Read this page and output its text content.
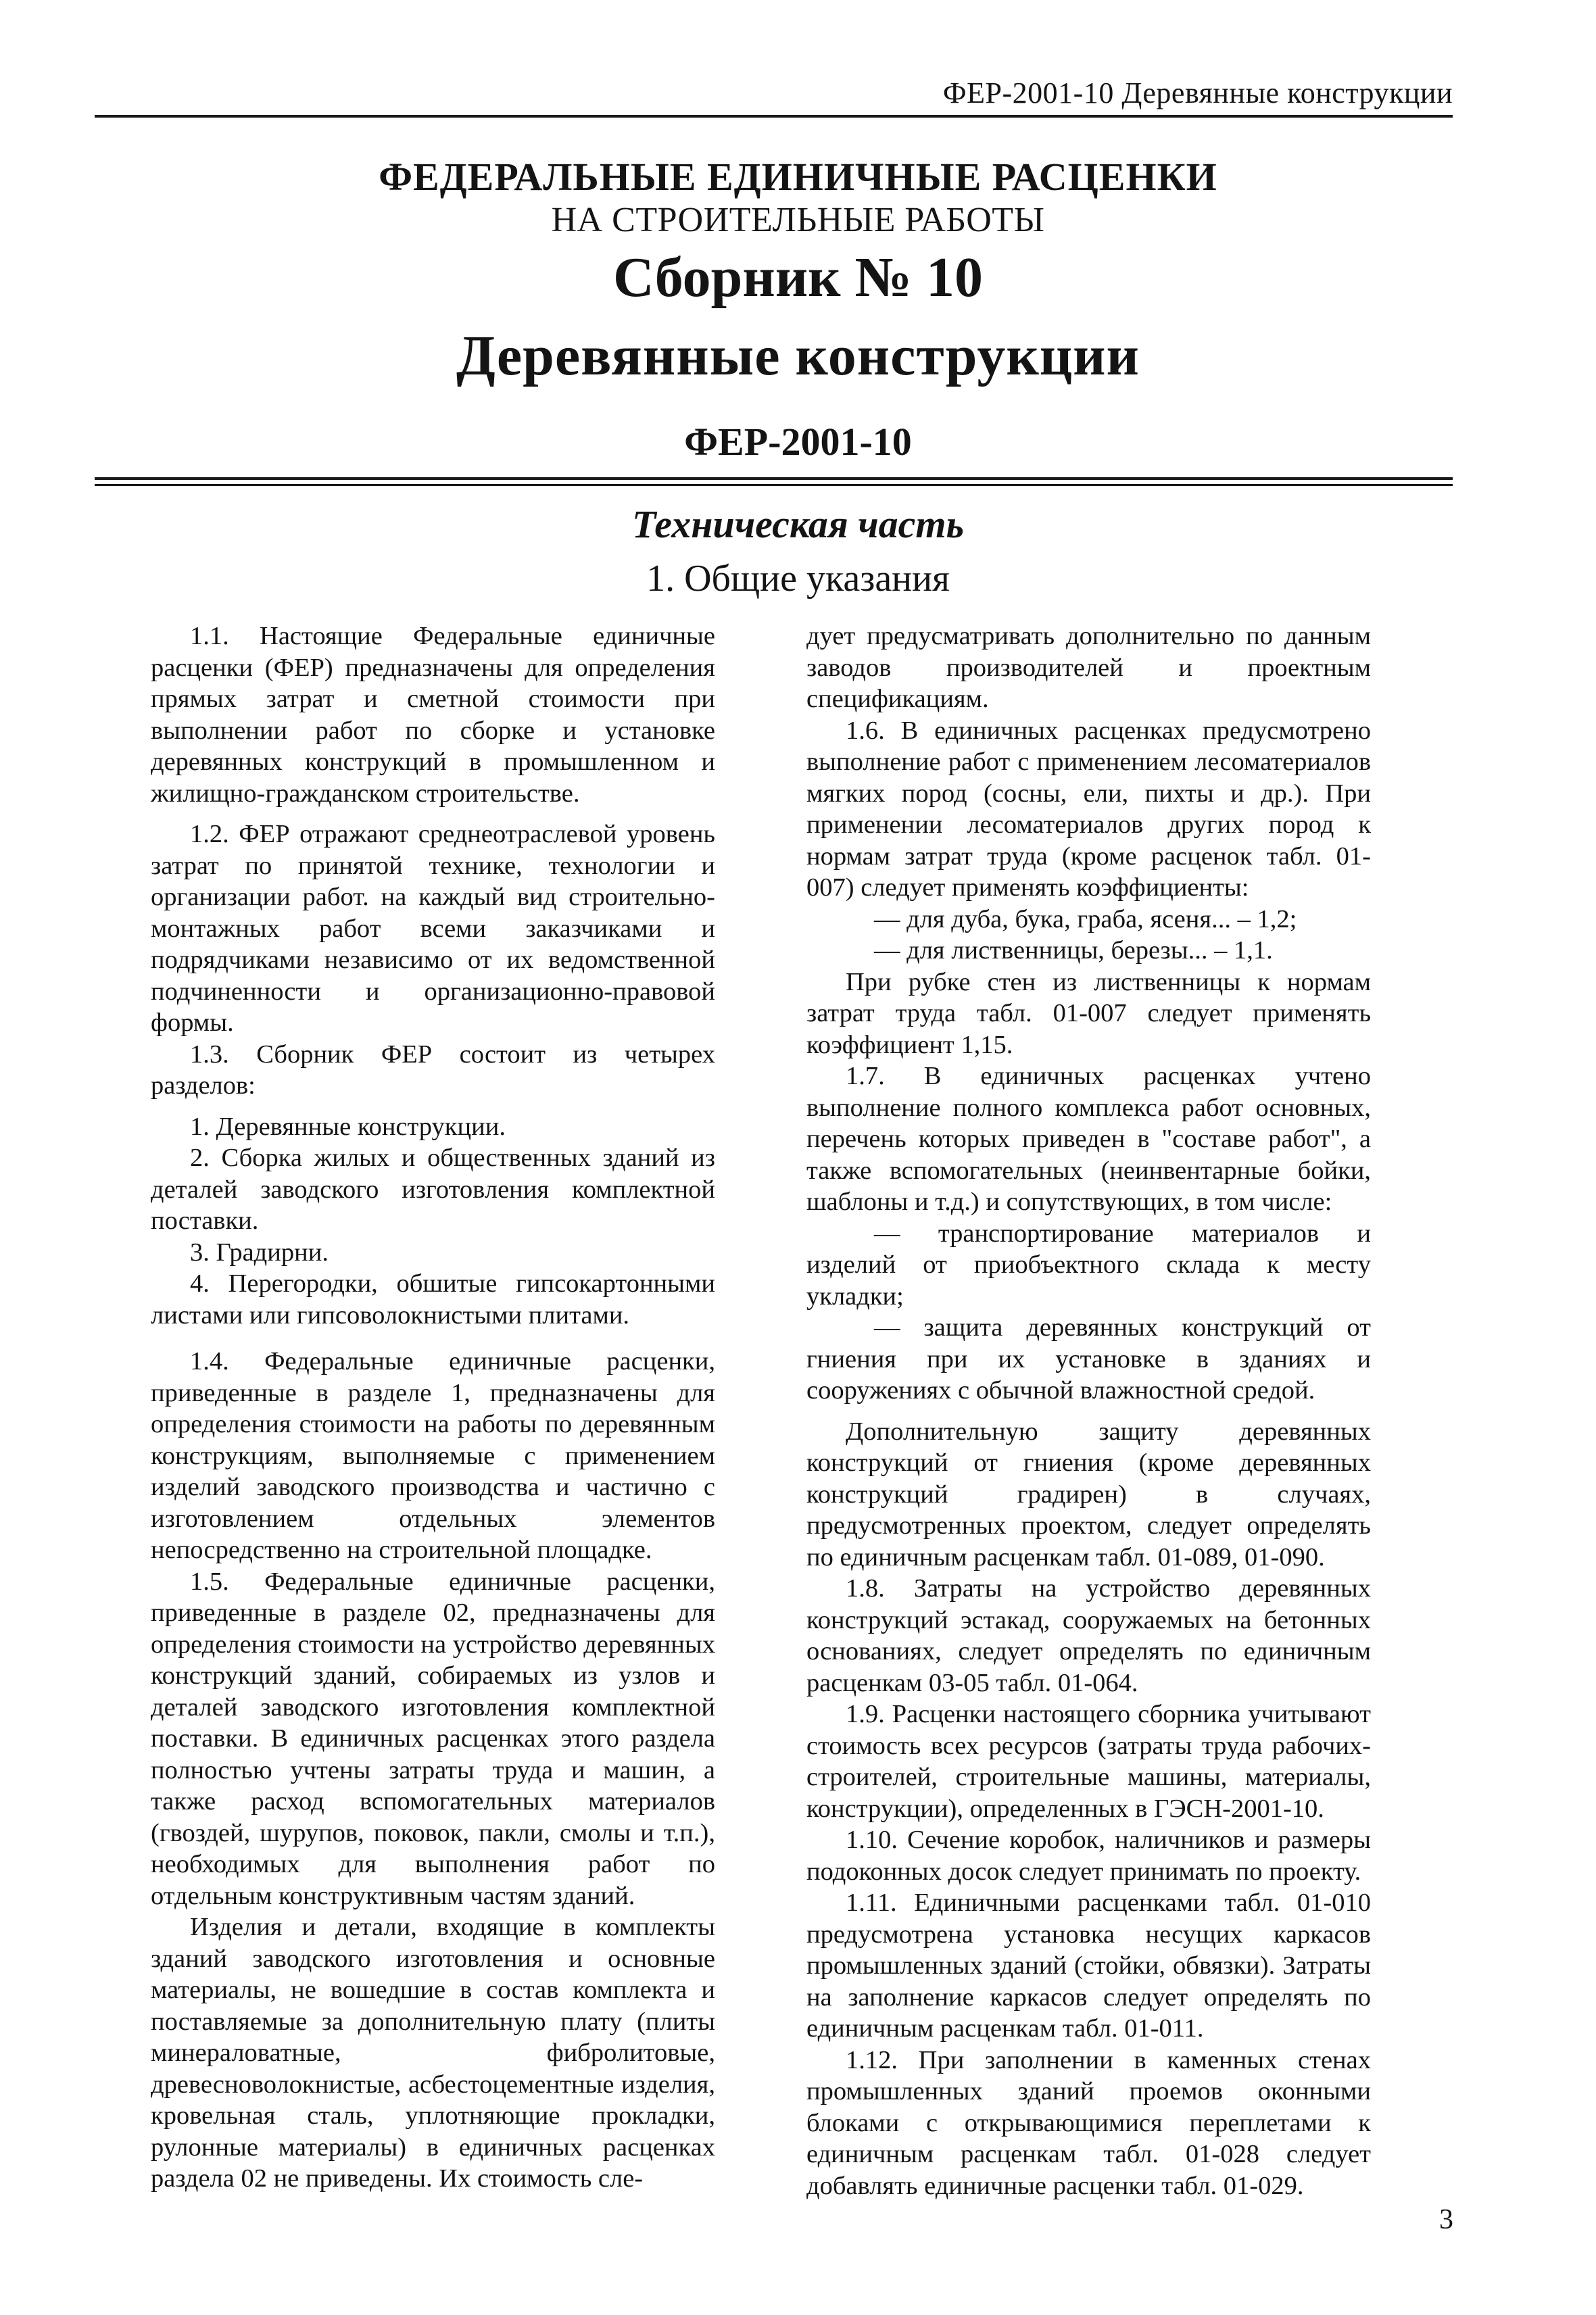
ФЕР-2001-10 Деревянные конструкции
ФЕДЕРАЛЬНЫЕ ЕДИНИЧНЫЕ РАСЦЕНКИ
НА СТРОИТЕЛЬНЫЕ РАБОТЫ
Сборник № 10
Деревянные конструкции
ФЕР-2001-10
Техническая часть
1. Общие указания

1.1. Настоящие Федеральные единичные расценки (ФЕР) предназначены для определения прямых затрат и сметной стоимости при выполнении работ по сборке и установке деревянных конструкций в промышленном и жилищно-гражданском строительстве.

1.2. ФЕР отражают среднеотраслевой уровень затрат по принятой технике, технологии и организации работ. на каждый вид строительно-монтажных работ всеми заказчиками и подрядчиками независимо от их ведомственной подчиненности и организационно-правовой формы.

1.3. Сборник ФЕР состоит из четырех разделов:

1. Деревянные конструкции.

2. Сборка жилых и общественных зданий из деталей заводского изготовления комплектной поставки.

3. Градирни.

4. Перегородки, обшитые гипсокартонными листами или гипсоволокнистыми плитами.

1.4. Федеральные единичные расценки, приведенные в разделе 1, предназначены для определения стоимости на работы по деревянным конструкциям, выполняемые с применением изделий заводского производства и частично с изготовлением отдельных элементов непосредственно на строительной площадке.

1.5. Федеральные единичные расценки, приведенные в разделе 02, предназначены для определения стоимости на устройство деревянных конструкций зданий, собираемых из узлов и деталей заводского изготовления комплектной поставки. В единичных расценках этого раздела полностью учтены затраты труда и машин, а также расход вспомогательных материалов (гвоздей, шурупов, поковок, пакли, смолы и т.п.), необходимых для выполнения работ по отдельным конструктивным частям зданий.

Изделия и детали, входящие в комплекты зданий заводского изготовления и основные материалы, не вошедшие в состав комплекта и поставляемые за дополнительную плату (плиты минераловатные, фибролитовые, древесноволокнистые, асбестоцементные изделия, кровельная сталь, уплотняющие прокладки, рулонные материалы) в единичных расценках раздела 02 не приведены. Их стоимость сле-

дует предусматривать дополнительно по данным заводов производителей и проектным спецификациям.

1.6. В единичных расценках предусмотрено выполнение работ с применением лесоматериалов мягких пород (сосны, ели, пихты и др.). При применении лесоматериалов других пород к нормам затрат труда (кроме расценок табл. 01-007) следует применять коэффициенты:

— для дуба, бука, граба, ясеня... – 1,2;

— для лиственницы, березы... – 1,1.

При рубке стен из лиственницы к нормам затрат труда табл. 01-007 следует применять коэффициент 1,15.

1.7. В единичных расценках учтено выполнение полного комплекса работ основных, перечень которых приведен в "составе работ", а также вспомогательных (неинвентарные бойки, шаблоны и т.д.) и сопутствующих, в том числе:

— транспортирование материалов и изделий от приобъектного склада к месту укладки;

— защита деревянных конструкций от гниения при их установке в зданиях и сооружениях с обычной влажностной средой.

Дополнительную защиту деревянных конструкций от гниения (кроме деревянных конструкций градирен) в случаях, предусмотренных проектом, следует определять по единичным расценкам табл. 01-089, 01-090.

1.8. Затраты на устройство деревянных конструкций эстакад, сооружаемых на бетонных основаниях, следует определять по единичным расценкам 03-05 табл. 01-064.

1.9. Расценки настоящего сборника учитывают стоимость всех ресурсов (затраты труда рабочих-строителей, строительные машины, материалы, конструкции), определенных в ГЭСН-2001-10.

1.10. Сечение коробок, наличников и размеры подоконных досок следует принимать по проекту.

1.11. Единичными расценками табл. 01-010 предусмотрена установка несущих каркасов промышленных зданий (стойки, обвязки). Затраты на заполнение каркасов следует определять по единичным расценкам табл. 01-011.

1.12. При заполнении в каменных стенах промышленных зданий проемов оконными блоками с открывающимися переплетами к единичным расценкам табл. 01-028 следует добавлять единичные расценки табл. 01-029.

3
